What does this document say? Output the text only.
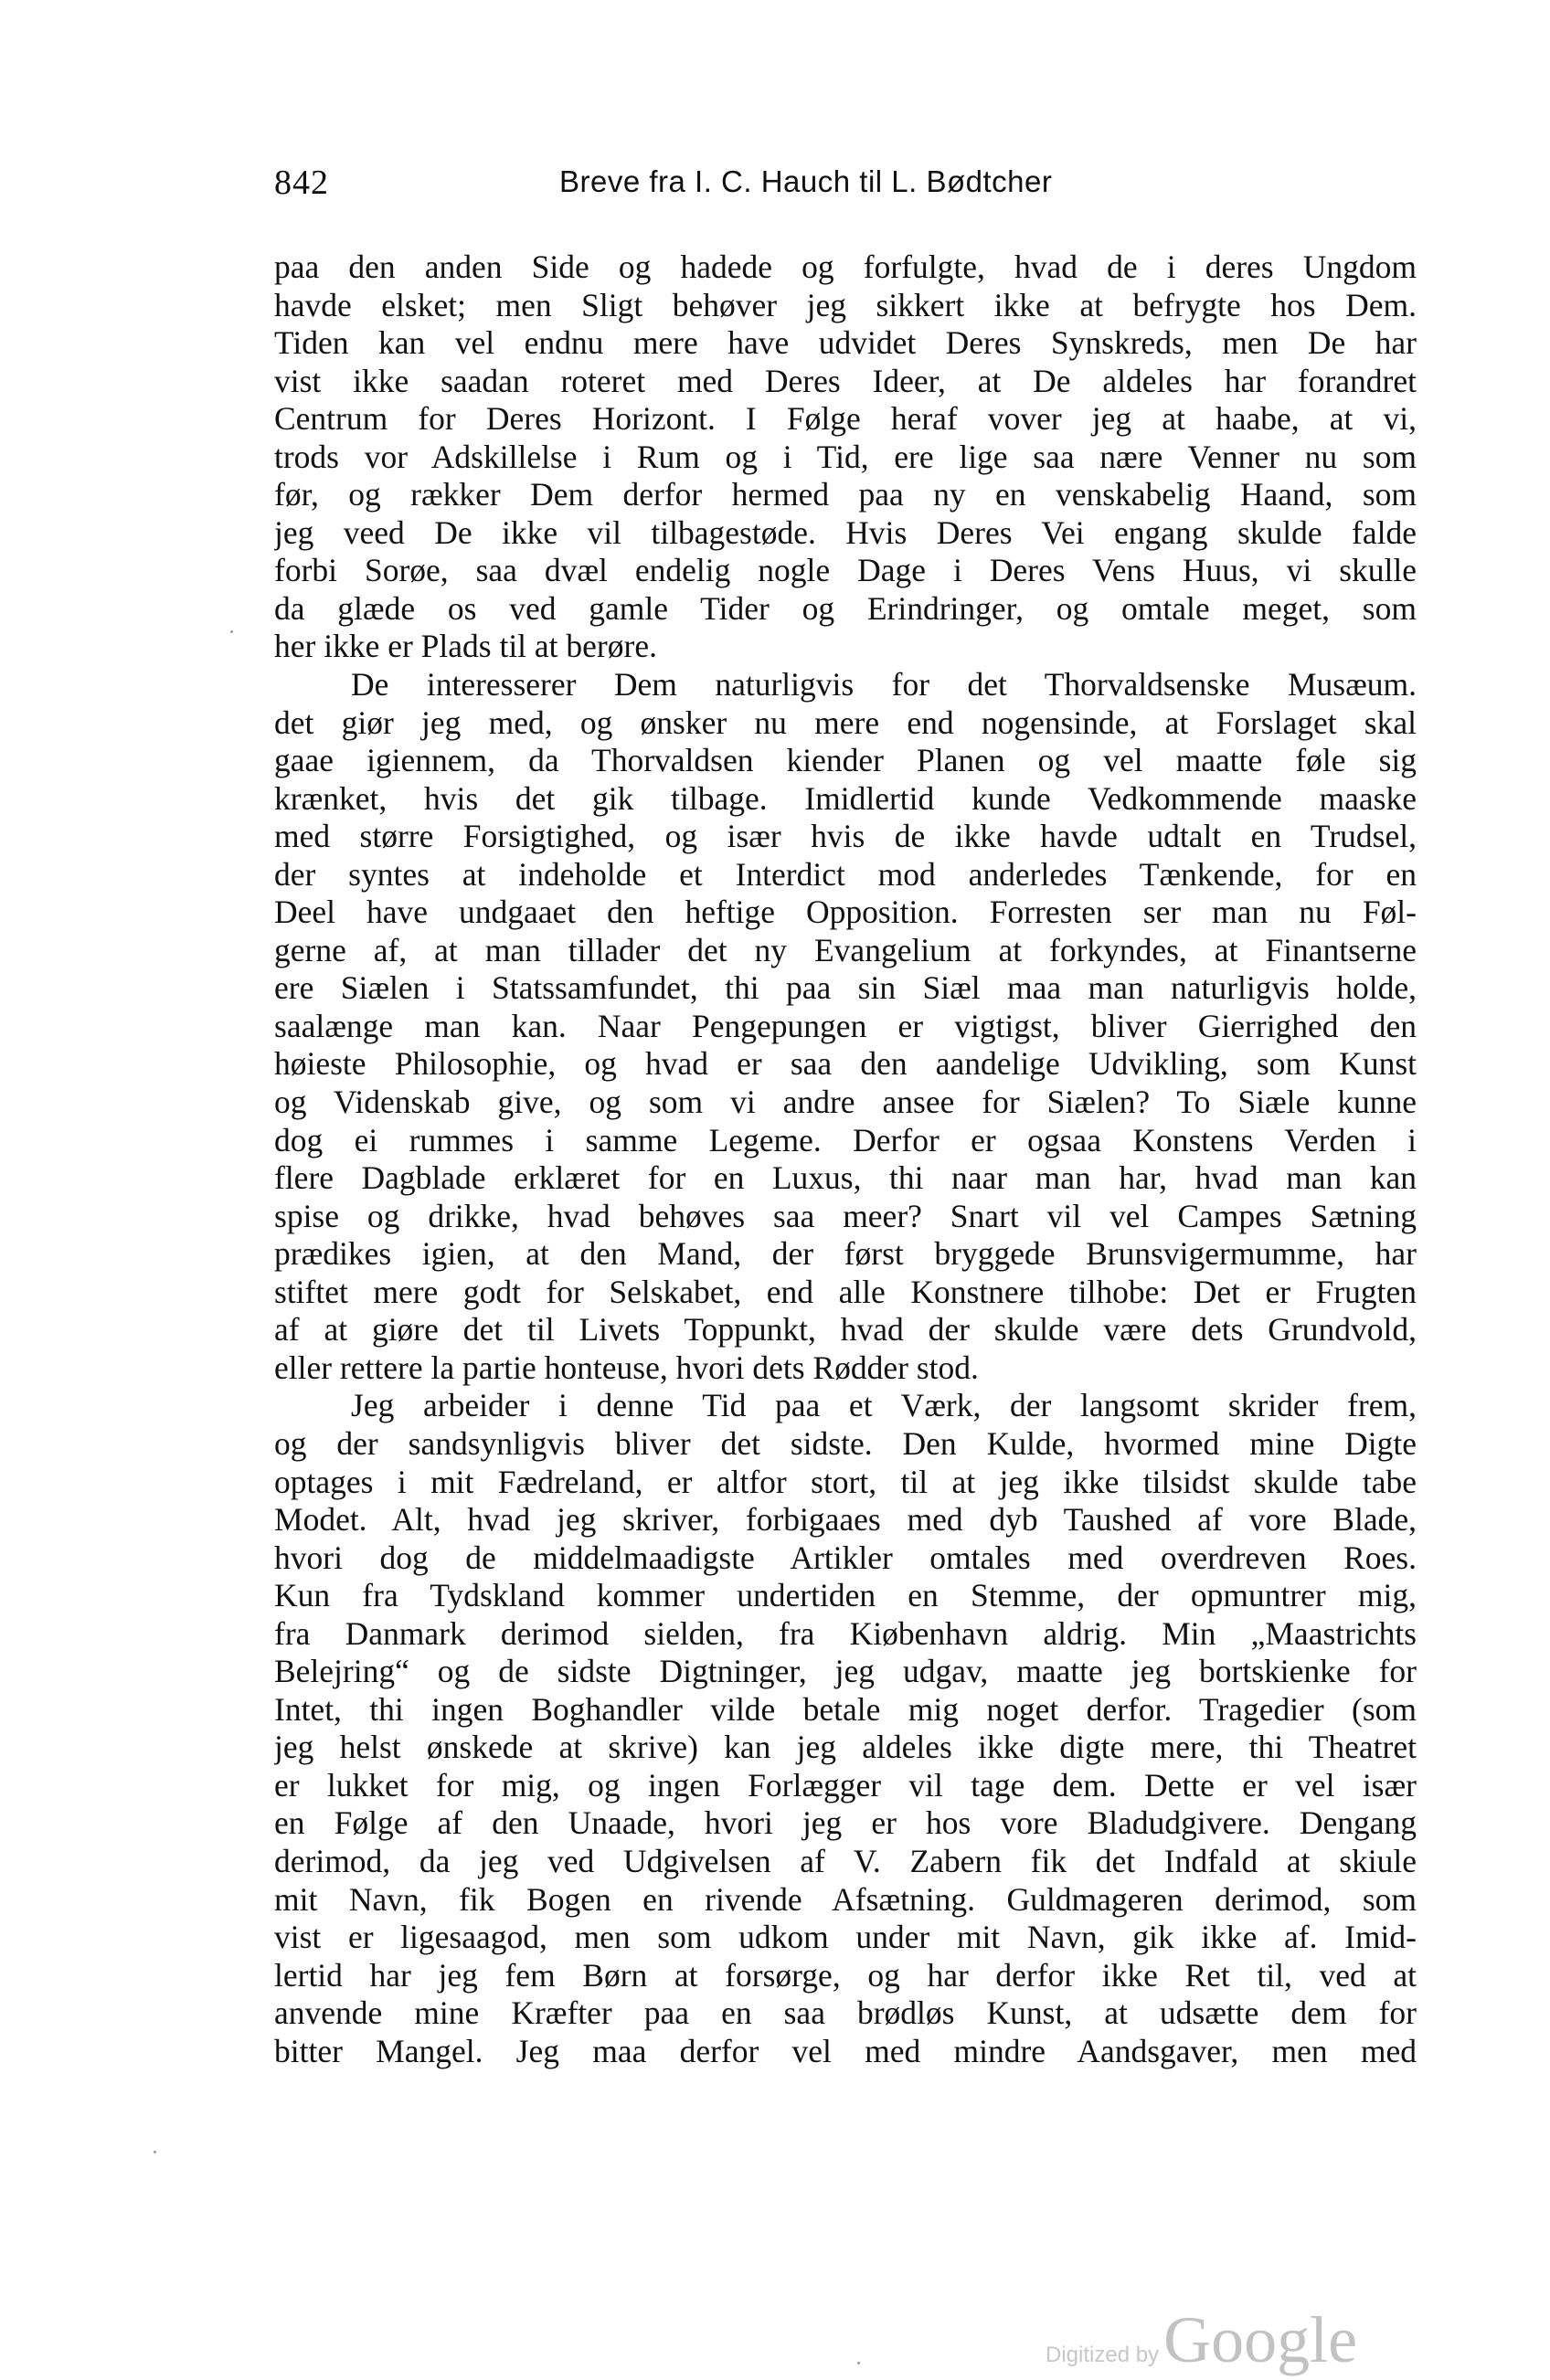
842	Breve fra I. C. Hauch til L. Bødtcher
paa den anden Side og hadede og forfulgte, hvad de i deres Ungdom
havde elsket; men Sligt behøver jeg sikkert ikke at befrygte hos Dem.
Tiden kan vel endnu mere have udvidet Deres Synskreds, men De har
vist ikke saadan roteret med Deres Ideer, at De aldeles har forandret
Centrum for Deres Horizont. I Følge heraf vover jeg at haabe, at vi,
trods vor Adskillelse i Rum og i Tid, ere lige saa nære Venner nu som
før, og rækker Dem derfor hermed paa ny en venskabelig Haand, som
jeg veed De ikke vil tilbagestøde. Hvis Deres Vei engang skulde falde
forbi Sorøe, saa dvæl endelig nogle Dage i Deres Vens Huus, vi skulle
da glæde os ved gamle Tider og Erindringer, og omtale meget, som
her ikke er Plads til at berøre.
De interesserer Dem naturligvis for det Thorvaldsenske Musæum.
det giør jeg med, og ønsker nu mere end nogensinde, at Forslaget skal
gaae igiennem, da Thorvaldsen kiender Planen og vel maatte føle sig
krænket, hvis det gik tilbage. Imidlertid kunde Vedkommende maaske
med større Forsigtighed, og især hvis de ikke havde udtalt en Trudsel,
der syntes at indeholde et Interdict mod anderledes Tænkende, for en
Deel have undgaaet den heftige Opposition. Forresten ser man nu Føl-
gerne af, at man tillader det ny Evangelium at forkyndes, at Finantserne
ere Siælen i Statssamfundet, thi paa sin Siæl maa man naturligvis holde,
saalænge man kan. Naar Pengepungen er vigtigst, bliver Gierrighed den
høieste Philosophie, og hvad er saa den aandelige Udvikling, som Kunst
og Videnskab give, og som vi andre ansee for Siælen? To Siæle kunne
dog ei rummes i samme Legeme. Derfor er ogsaa Konstens Verden i
flere Dagblade erklæret for en Luxus, thi naar man har, hvad man kan
spise og drikke, hvad behøves saa meer? Snart vil vel Campes Sætning
prædikes igien, at den Mand, der først bryggede Brunsvigermumme, har
stiftet mere godt for Selskabet, end alle Konstnere tilhobe: Det er Frugten
af at giøre det til Livets Toppunkt, hvad der skulde være dets Grundvold,
eller rettere la partie honteuse, hvori dets Rødder stod.
Jeg arbeider i denne Tid paa et Værk, der langsomt skrider frem,
og der sandsynligvis bliver det sidste. Den Kulde, hvormed mine Digte
optages i mit Fædreland, er altfor stort, til at jeg ikke tilsidst skulde tabe
Modet. Alt, hvad jeg skriver, forbigaaes med dyb Taushed af vore Blade,
hvori dog de middelmaadigste Artikler omtales med overdreven Roes.
Kun fra Tydskland kommer undertiden en Stemme, der opmuntrer mig,
fra Danmark derimod sielden, fra Kiøbenhavn aldrig. Min „Maastrichts
Belejring“ og de sidste Digtninger, jeg udgav, maatte jeg bortskienke for
Intet, thi ingen Boghandler vilde betale mig noget derfor. Tragedier (som
jeg helst ønskede at skrive) kan jeg aldeles ikke digte mere, thi Theatret
er lukket for mig, og ingen Forlægger vil tage dem. Dette er vel især
en Følge af den Unaade, hvori jeg er hos vore Bladudgivere. Dengang
derimod, da jeg ved Udgivelsen af V. Zabern fik det Indfald at skiule
mit Navn, fik Bogen en rivende Afsætning. Guldmageren derimod, som
vist er ligesaagod, men som udkom under mit Navn, gik ikke af. Imid-
lertid har jeg fem Børn at forsørge, og har derfor ikke Ret til, ved at
anvende mine Kræfter paa en saa brødløs Kunst, at udsætte dem for
bitter Mangel. Jeg maa derfor vel med mindre Aandsgaver, men med
Digitized by Google
